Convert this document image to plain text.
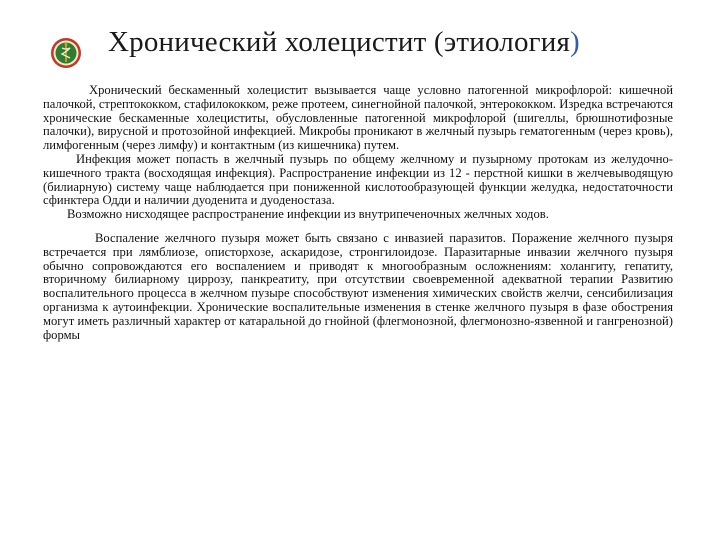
Хронический холецистит (этиология)

Хронический бескаменный холецистит вызывается чаще условно патогенной микрофлорой: кишечной палочкой, стрептококком, стафилококком, реже протеем, синегнойной палочкой, энтерококком. Изредка встречаются хронические бескаменные холециститы, обусловленные патогенной микрофлорой (шигеллы, брюшнотифозные палочки), вирусной и протозойной инфекцией. Микробы проникают в желчный пузырь гематогенным (через кровь), лимфогенным (через лимфу) и контактным (из кишечника) путем.

Инфекция может попасть в желчный пузырь по общему желчному и пузырному протокам из желудочно-кишечного тракта (восходящая инфекция). Распространение инфекции из 12 - перстной кишки в желчевыводящую (билиарную) систему чаще наблюдается при пониженной кислотообразующей функции желудка, недостаточности сфинктера Одди и наличии дуоденита и дуоденостаза.

Возможно нисходящее распространение инфекции из внутрипеченочных желчных ходов.

Воспаление желчного пузыря может быть связано с инвазией паразитов. Поражение желчного пузыря встречается при лямблиозе, описторхозе, аскаридозе, стронгилоидозе. Паразитарные инвазии желчного пузыря обычно сопровождаются его воспалением и приводят к многообразным осложнениям: холангиту, гепатиту, вторичному билиарному циррозу, панкреатиту, при отсутствии своевременной адекватной терапии Развитию воспалительного процесса в желчном пузыре способствуют изменения химических свойств желчи, сенсибилизация организма к аутоинфекции. Хронические воспалительные изменения в стенке желчного пузыря в фазе обострения могут иметь различный характер от катаральной до гнойной (флегмонозной, флегмонозно-язвенной и гангренозной) формы
